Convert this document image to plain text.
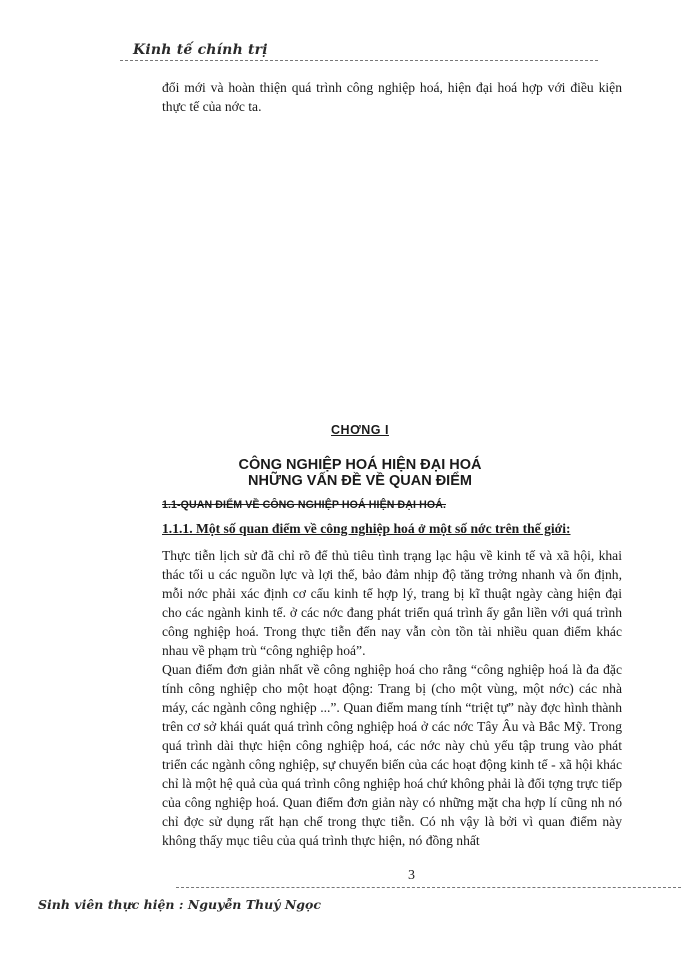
Kinh tế chính trị

đổi mới và hoàn thiện quá trình công nghiệp hoá, hiện đại hoá hợp với điều kiện thực tế của nớc ta.

CHƠNG I
CÔNG NGHIỆP HOÁ HIỆN ĐẠI HOÁ
NHỮNG VẤN ĐỀ VỀ QUAN ĐIỂM
1.1-QUAN ĐIỂM VỀ CÔNG NGHIỆP HOÁ HIỆN ĐẠI HOÁ.
1.1.1. Một số quan điểm về công nghiệp hoá ở một số nớc trên thế giới:

Thực tiễn lịch sử đã chỉ rõ để thủ tiêu tình trạng lạc hậu về kinh tế và xã hội, khai thác tối u các nguồn lực và lợi thế, bảo đảm nhịp độ tăng trởng nhanh và ổn định, mỗi nớc phải xác định cơ cấu kinh tế hợp lý, trang bị kĩ thuật ngày càng hiện đại cho các ngành kinh tế. ở các nớc đang phát triển quá trình ấy gắn liền với quá trình công nghiệp hoá. Trong thực tiễn đến nay vẫn còn tồn tài nhiều quan điểm khác nhau về phạm trù “công nghiệp hoá”.

Quan điểm đơn giản nhất về công nghiệp hoá cho rằng “công nghiệp hoá là đa đặc tính công nghiệp cho một hoạt động: Trang bị (cho một vùng, một nớc) các nhà máy, các ngành công nghiệp ...”. Quan điểm mang tính “triệt tự” này đợc hình thành trên cơ sở khái quát quá trình công nghiệp hoá ở các nớc Tây Âu và Bắc Mỹ. Trong quá trình dài thực hiện công nghiệp hoá, các nớc này chủ yếu tập trung vào phát triển các ngành công nghiệp, sự chuyển biến của các hoạt động kinh tế - xã hội khác chỉ là một hệ quả của quá trình công nghiệp hoá chứ không phải là đối tợng trực tiếp của công nghiệp hoá. Quan điểm đơn giản này có những mặt cha hợp lí cũng nh nó chỉ đợc sử dụng rất hạn chế trong thực tiễn. Có nh vậy là bởi vì quan điểm này không thấy mục tiêu của quá trình thực hiện, nó đồng nhất

3
Sinh viên thực hiện : Nguyễn Thuý Ngọc
